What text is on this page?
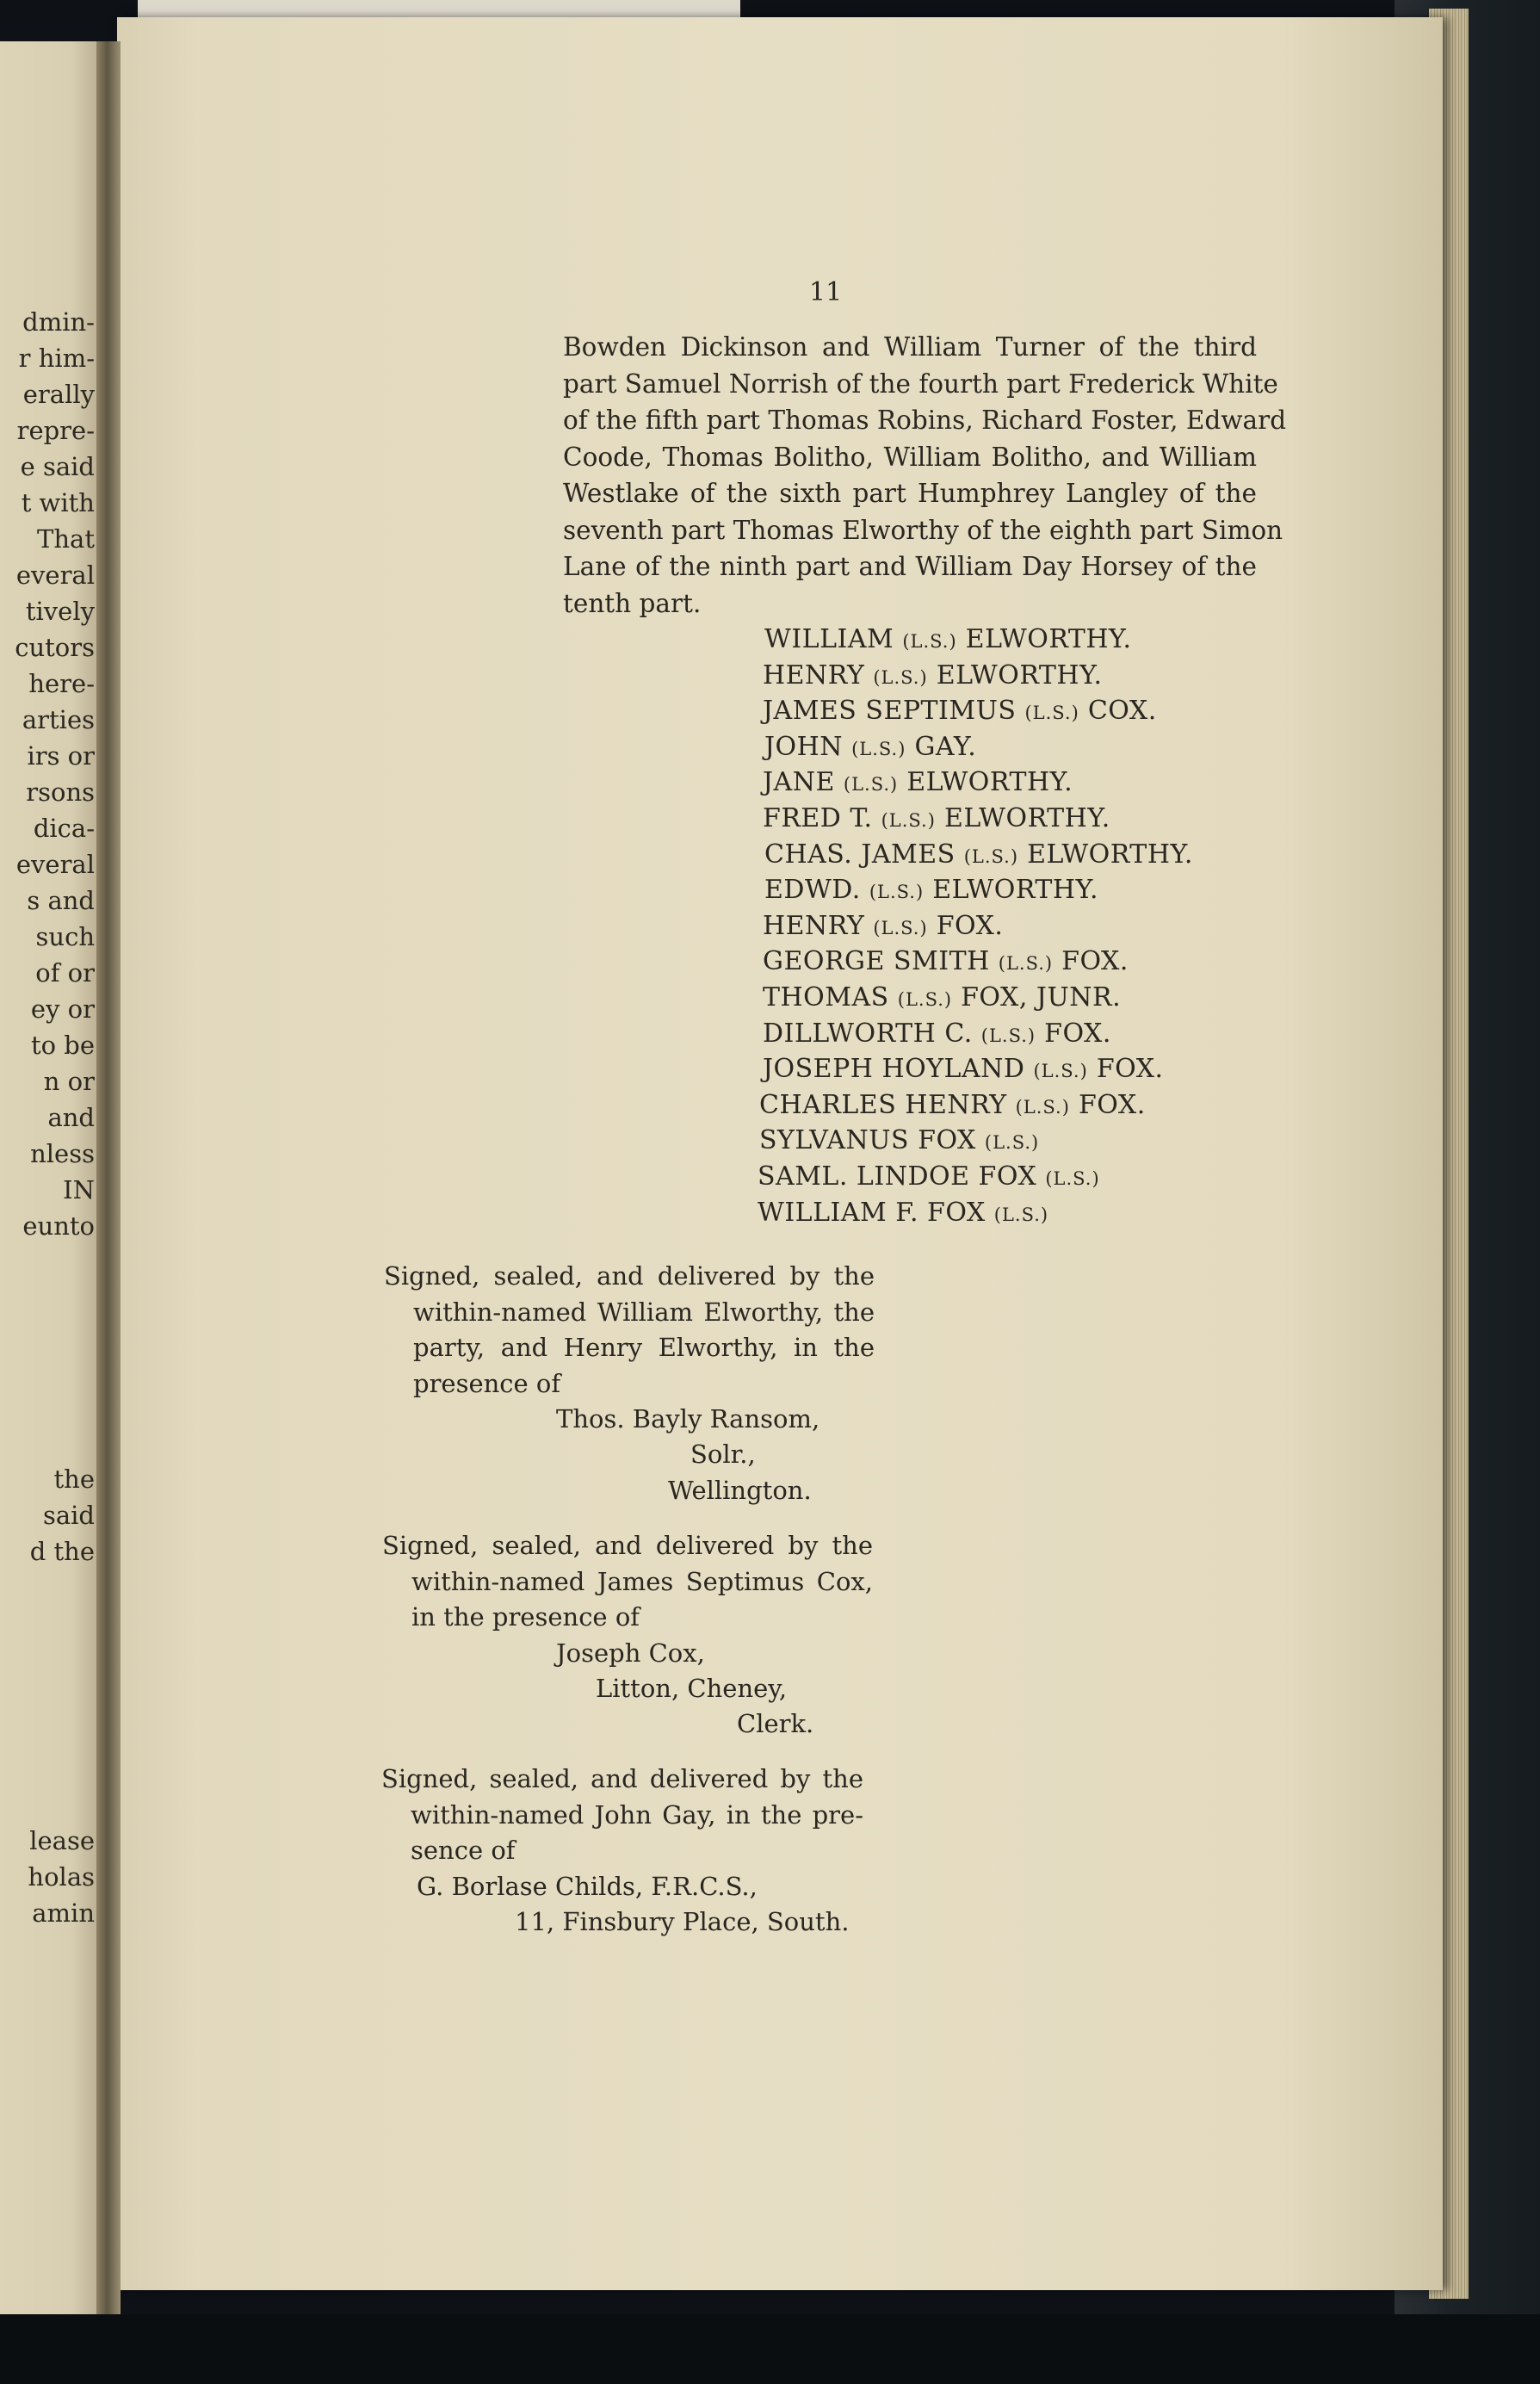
dmin-
r him-
erally
repre-
e said
t with
That
everal
tively
cutors
here-
arties
irs or
rsons
dica-
everal
s and
such
of or
ey or
to be
n or
and
nless
IN
eunto
the
said
d the
lease
holas
amin
11
Bowden Dickinson and William Turner of the third
part Samuel Norrish of the fourth part Frederick White
of the fifth part Thomas Robins, Richard Foster, Edward
Coode, Thomas Bolitho, William Bolitho, and William
Westlake of the sixth part Humphrey Langley of the
seventh part Thomas Elworthy of the eighth part Simon
Lane of the ninth part and William Day Horsey of the
tenth part.
WILLIAM (L.S.) ELWORTHY.
HENRY (L.S.) ELWORTHY.
JAMES SEPTIMUS (L.S.) COX.
JOHN (L.S.) GAY.
JANE (L.S.) ELWORTHY.
FRED T. (L.S.) ELWORTHY.
CHAS. JAMES (L.S.) ELWORTHY.
EDWD. (L.S.) ELWORTHY.
HENRY (L.S.) FOX.
GEORGE SMITH (L.S.) FOX.
THOMAS (L.S.) FOX, JUNR.
DILLWORTH C. (L.S.) FOX.
JOSEPH HOYLAND (L.S.) FOX.
CHARLES HENRY (L.S.) FOX.
SYLVANUS FOX (L.S.)
SAML. LINDOE FOX (L.S.)
WILLIAM F. FOX (L.S.)
Signed, sealed, and delivered by the
within-named William Elworthy, the
party, and Henry Elworthy, in the
presence of
Thos. Bayly Ransom,
Solr.,
Wellington.
Signed, sealed, and delivered by the
within-named James Septimus Cox,
in the presence of
Joseph Cox,
Litton, Cheney,
Clerk.
Signed, sealed, and delivered by the
within-named John Gay, in the pre-
sence of
G. Borlase Childs, F.R.C.S.,
11, Finsbury Place, South.
